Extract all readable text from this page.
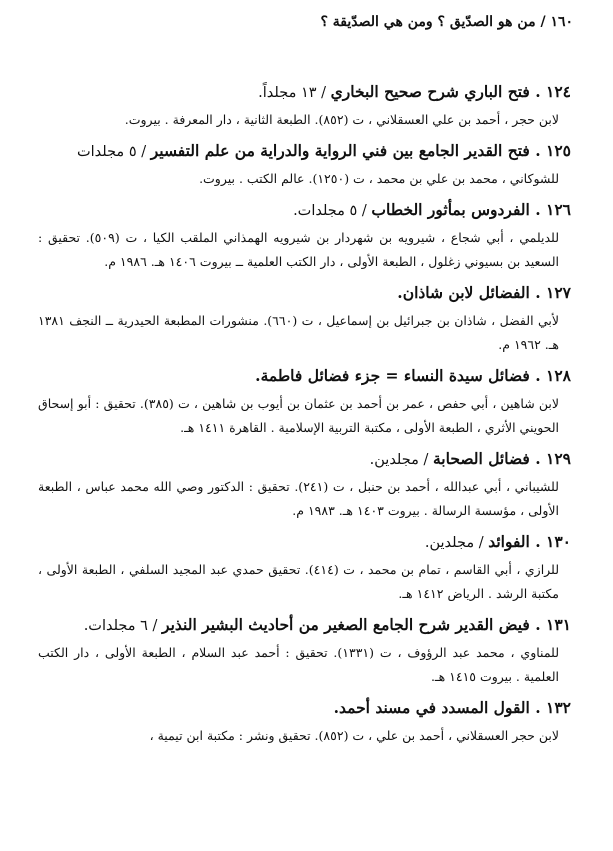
١٦٠ / من هو الصدّيق ؟ ومن هي الصدّيقة ؟
١٢٤ . فتح الباري شرح صحيح البخاري / ١٣ مجلداً.
لابن حجر ، أحمد بن علي العسقلاني ، ت (٨٥٢). الطبعة الثانية ، دار المعرفة . بيروت.
١٢٥ . فتح القدير الجامع بين فني الرواية والدراية من علم التفسير / ٥ مجلدات
للشوكاني ، محمد بن علي بن محمد ، ت (١٢٥٠). عالم الكتب . بيروت.
١٢٦ . الفردوس بمأثور الخطاب / ٥ مجلدات.
للديلمي ، أبي شجاع ، شيرويه بن شهردار بن شيرويه الهمذاني الملقب الكيا ، ت (٥٠٩). تحقيق : السعيد بن بسيوني زغلول ، الطبعة الأولى ، دار الكتب العلمية ــ بيروت ١٤٠٦ هـ. ١٩٨٦ م.
١٢٧ . الفضائل لابن شاذان.
لأبي الفضل ، شاذان بن جبرائيل بن إسماعيل ، ت (٦٦٠). منشورات المطبعة الحيدرية ــ النجف ١٣٨١ هـ. ١٩٦٢ م.
١٢٨ . فضائل سيدة النساء = جزء فضائل فاطمة.
لابن شاهين ، أبي حفص ، عمر بن أحمد بن عثمان بن أيوب بن شاهين ، ت (٣٨٥). تحقيق : أبو إسحاق الحويني الأثري ، الطبعة الأولى ، مكتبة التربية الإسلامية . القاهرة ١٤١١ هـ.
١٢٩ . فضائل الصحابة / مجلدين.
للشيباني ، أبي عبدالله ، أحمد بن حنبل ، ت (٢٤١). تحقيق : الدكتور وصي الله محمد عباس ، الطبعة الأولى ، مؤسسة الرسالة . بيروت ١٤٠٣ هـ. ١٩٨٣ م.
١٣٠ . الفوائد / مجلدين.
للرازي ، أبي القاسم ، تمام بن محمد ، ت (٤١٤). تحقيق حمدي عبد المجيد السلفي ، الطبعة الأولى ، مكتبة الرشد . الرياض ١٤١٢ هـ.
١٣١ . فيض القدير شرح الجامع الصغير من أحاديث البشير النذير / ٦ مجلدات.
للمناوي ، محمد عبد الرؤوف ، ت (١٣٣١). تحقيق : أحمد عبد السلام ، الطبعة الأولى ، دار الكتب العلمية . بيروت ١٤١٥ هـ.
١٣٢ . القول المسدد في مسند أحمد.
لابن حجر العسقلاني ، أحمد بن علي ، ت (٨٥٢). تحقيق ونشر : مكتبة ابن تيمية ،
